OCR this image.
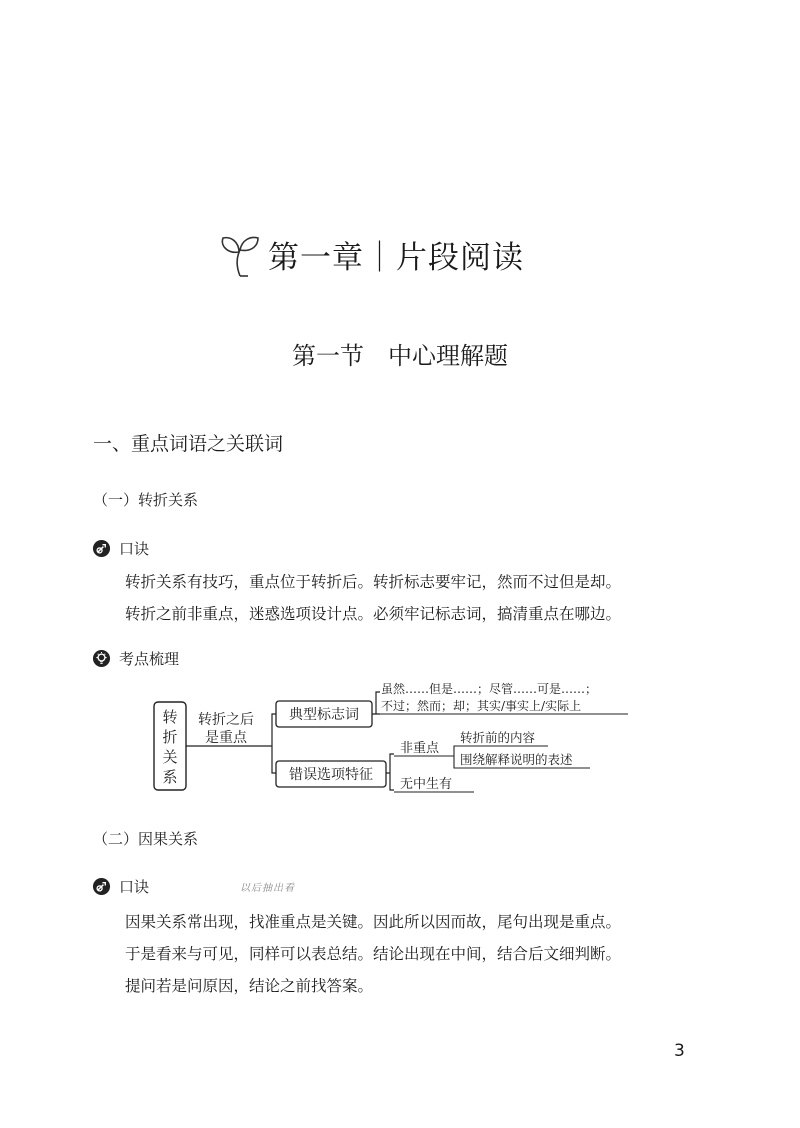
第一章｜片段阅读
第一节　中心理解题
一、重点词语之关联词
（一）转折关系
口诀
转折关系有技巧，重点位于转折后。转折标志要牢记，然而不过但是却。
转折之前非重点，迷惑选项设计点。必须牢记标志词，搞清重点在哪边。
考点梳理
转
折
关
系
转折之后
是重点
典型标志词
虽然……但是……；尽管……可是……；
不过；然而；却；其实/事实上/实际上
错误选项特征
非重点
转折前的内容
围绕解释说明的表述
无中生有
（二）因果关系
口诀	以后抽出看
因果关系常出现，找准重点是关键。因此所以因而故，尾句出现是重点。
于是看来与可见，同样可以表总结。结论出现在中间，结合后文细判断。
提问若是问原因，结论之前找答案。
3
